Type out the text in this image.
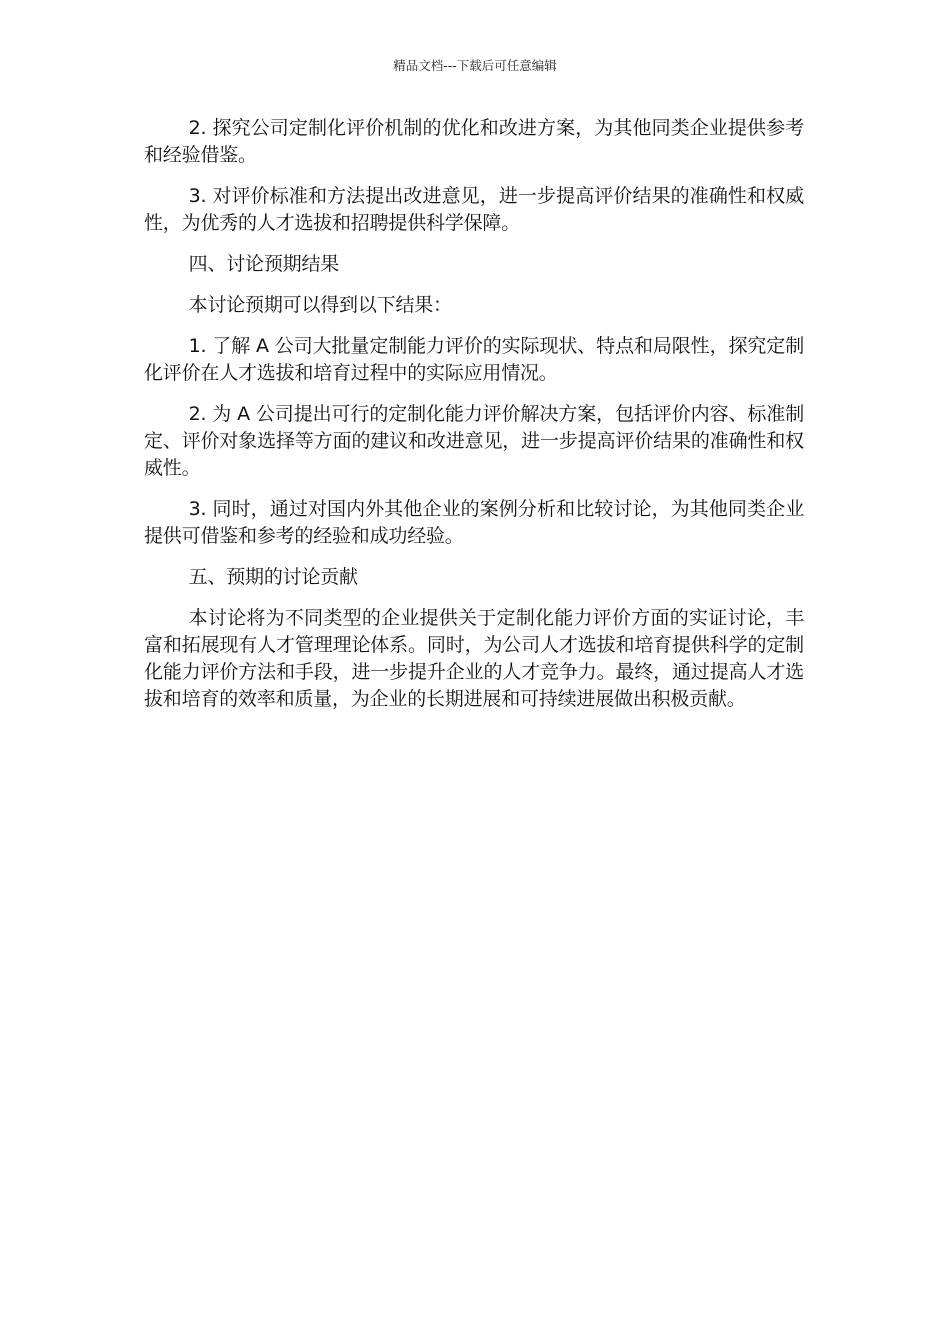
精品文档---下载后可任意编辑

2. 探究公司定制化评价机制的优化和改进方案，为其他同类企业提供参考和经验借鉴。

3. 对评价标准和方法提出改进意见，进一步提高评价结果的准确性和权威性，为优秀的人才选拔和招聘提供科学保障。

四、讨论预期结果

本讨论预期可以得到以下结果：

1. 了解 A 公司大批量定制能力评价的实际现状、特点和局限性，探究定制化评价在人才选拔和培育过程中的实际应用情况。

2. 为 A 公司提出可行的定制化能力评价解决方案，包括评价内容、标准制定、评价对象选择等方面的建议和改进意见，进一步提高评价结果的准确性和权威性。

3. 同时，通过对国内外其他企业的案例分析和比较讨论，为其他同类企业提供可借鉴和参考的经验和成功经验。

五、预期的讨论贡献

本讨论将为不同类型的企业提供关于定制化能力评价方面的实证讨论，丰富和拓展现有人才管理理论体系。同时，为公司人才选拔和培育提供科学的定制化能力评价方法和手段，进一步提升企业的人才竞争力。最终，通过提高人才选拔和培育的效率和质量，为企业的长期进展和可持续进展做出积极贡献。
